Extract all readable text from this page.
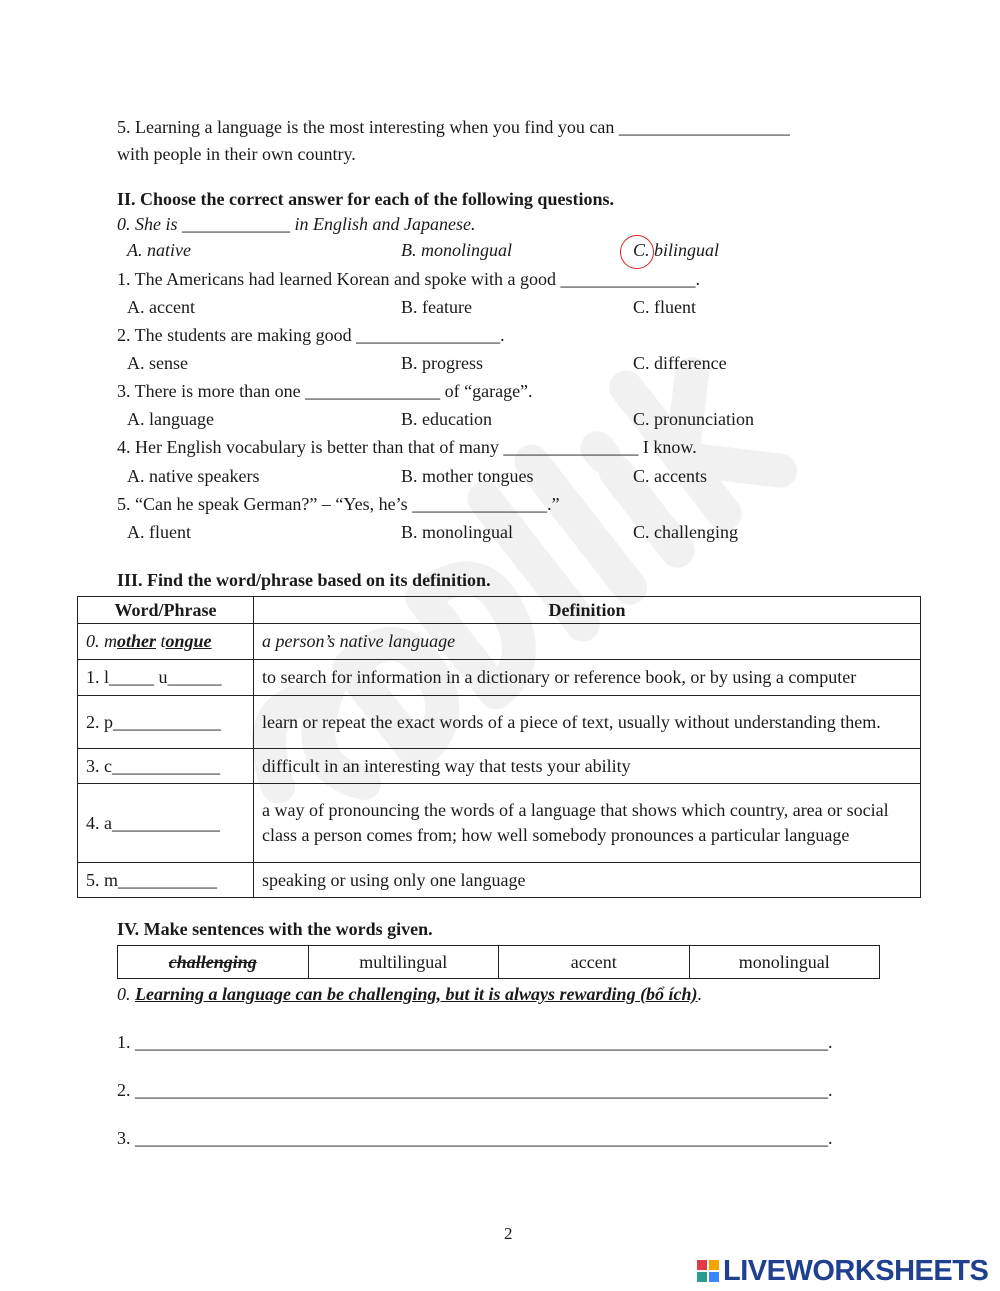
5. Learning a language is the most interesting when you find you can ___________________
with people in their own country.
II. Choose the correct answer for each of the following questions.
0. She is ____________ in English and Japanese.
A. native	B. monolingual	C. bilingual
1. The Americans had learned Korean and spoke with a good _______________.
A. accent	B. feature	C. fluent
2. The students are making good ________________.
A. sense	B. progress	C. difference
3. There is more than one _______________ of “garage”.
A. language	B. education	C. pronunciation
4. Her English vocabulary is better than that of many _______________ I know.
A. native speakers	B. mother tongues	C. accents
5. “Can he speak German?” – “Yes, he’s _______________.”
A. fluent	B. monolingual	C. challenging
III. Find the word/phrase based on its definition.
Word/Phrase	Definition
0. mother tongue	a person’s native language
1. l_____ u______	to search for information in a dictionary or reference book, or by using a computer
2. p____________	learn or repeat the exact words of a piece of text, usually without understanding them.
3. c____________	difficult in an interesting way that tests your ability
4. a____________	a way of pronouncing the words of a language that shows which country, area or social class a person comes from; how well somebody pronounces a particular language
5. m___________	speaking or using only one language
IV. Make sentences with the words given.
challenging	multilingual	accent	monolingual
0. Learning a language can be challenging, but it is always rewarding (bổ ích).
1. _____________________________________________________________________________.
2. _____________________________________________________________________________.
3. _____________________________________________________________________________.
2
LIVEWORKSHEETS
